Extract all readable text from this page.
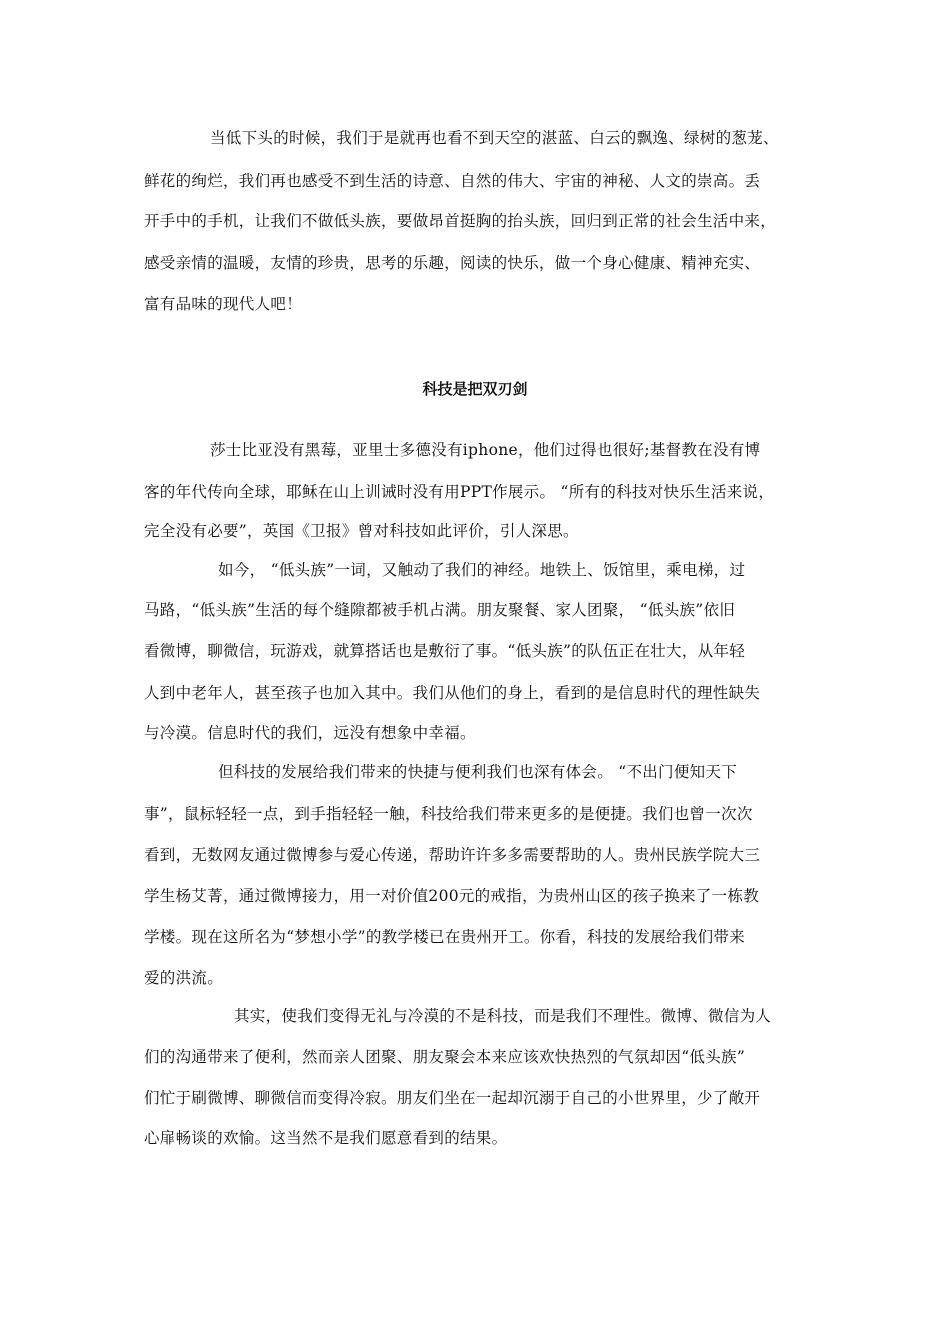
当低下头的时候，我们于是就再也看不到天空的湛蓝、白云的飘逸、绿树的葱茏、
鲜花的绚烂，我们再也感受不到生活的诗意、自然的伟大、宇宙的神秘、人文的崇高。丢
开手中的手机，让我们不做低头族，要做昂首挺胸的抬头族，回归到正常的社会生活中来，
感受亲情的温暖，友情的珍贵，思考的乐趣，阅读的快乐，做一个身心健康、精神充实、
富有品味的现代人吧！
科技是把双刃剑
莎士比亚没有黑莓，亚里士多德没有iphone，他们过得也很好;基督教在没有博
客的年代传向全球，耶稣在山上训诫时没有用PPT作展示。 “所有的科技对快乐生活来说，
完全没有必要”，英国《卫报》曾对科技如此评价，引人深思。
如今， “低头族”一词，又触动了我们的神经。地铁上、饭馆里，乘电梯，过
马路，“低头族”生活的每个缝隙都被手机占满。朋友聚餐、家人团聚， “低头族”依旧
看微博，聊微信，玩游戏，就算搭话也是敷衍了事。“低头族”的队伍正在壮大，从年轻
人到中老年人，甚至孩子也加入其中。我们从他们的身上，看到的是信息时代的理性缺失
与冷漠。信息时代的我们，远没有想象中幸福。
但科技的发展给我们带来的快捷与便利我们也深有体会。 “不出门便知天下
事”，鼠标轻轻一点，到手指轻轻一触，科技给我们带来更多的是便捷。我们也曾一次次
看到，无数网友通过微博参与爱心传递，帮助许许多多需要帮助的人。贵州民族学院大三
学生杨艾菁，通过微博接力，用一对价值200元的戒指，为贵州山区的孩子换来了一栋教
学楼。现在这所名为“梦想小学”的教学楼已在贵州开工。你看，科技的发展给我们带来
爱的洪流。
其实，使我们变得无礼与冷漠的不是科技，而是我们不理性。微博、微信为人
们的沟通带来了便利，然而亲人团聚、朋友聚会本来应该欢快热烈的气氛却因“低头族”
们忙于刷微博、聊微信而变得冷寂。朋友们坐在一起却沉溺于自己的小世界里，少了敞开
心扉畅谈的欢愉。这当然不是我们愿意看到的结果。
